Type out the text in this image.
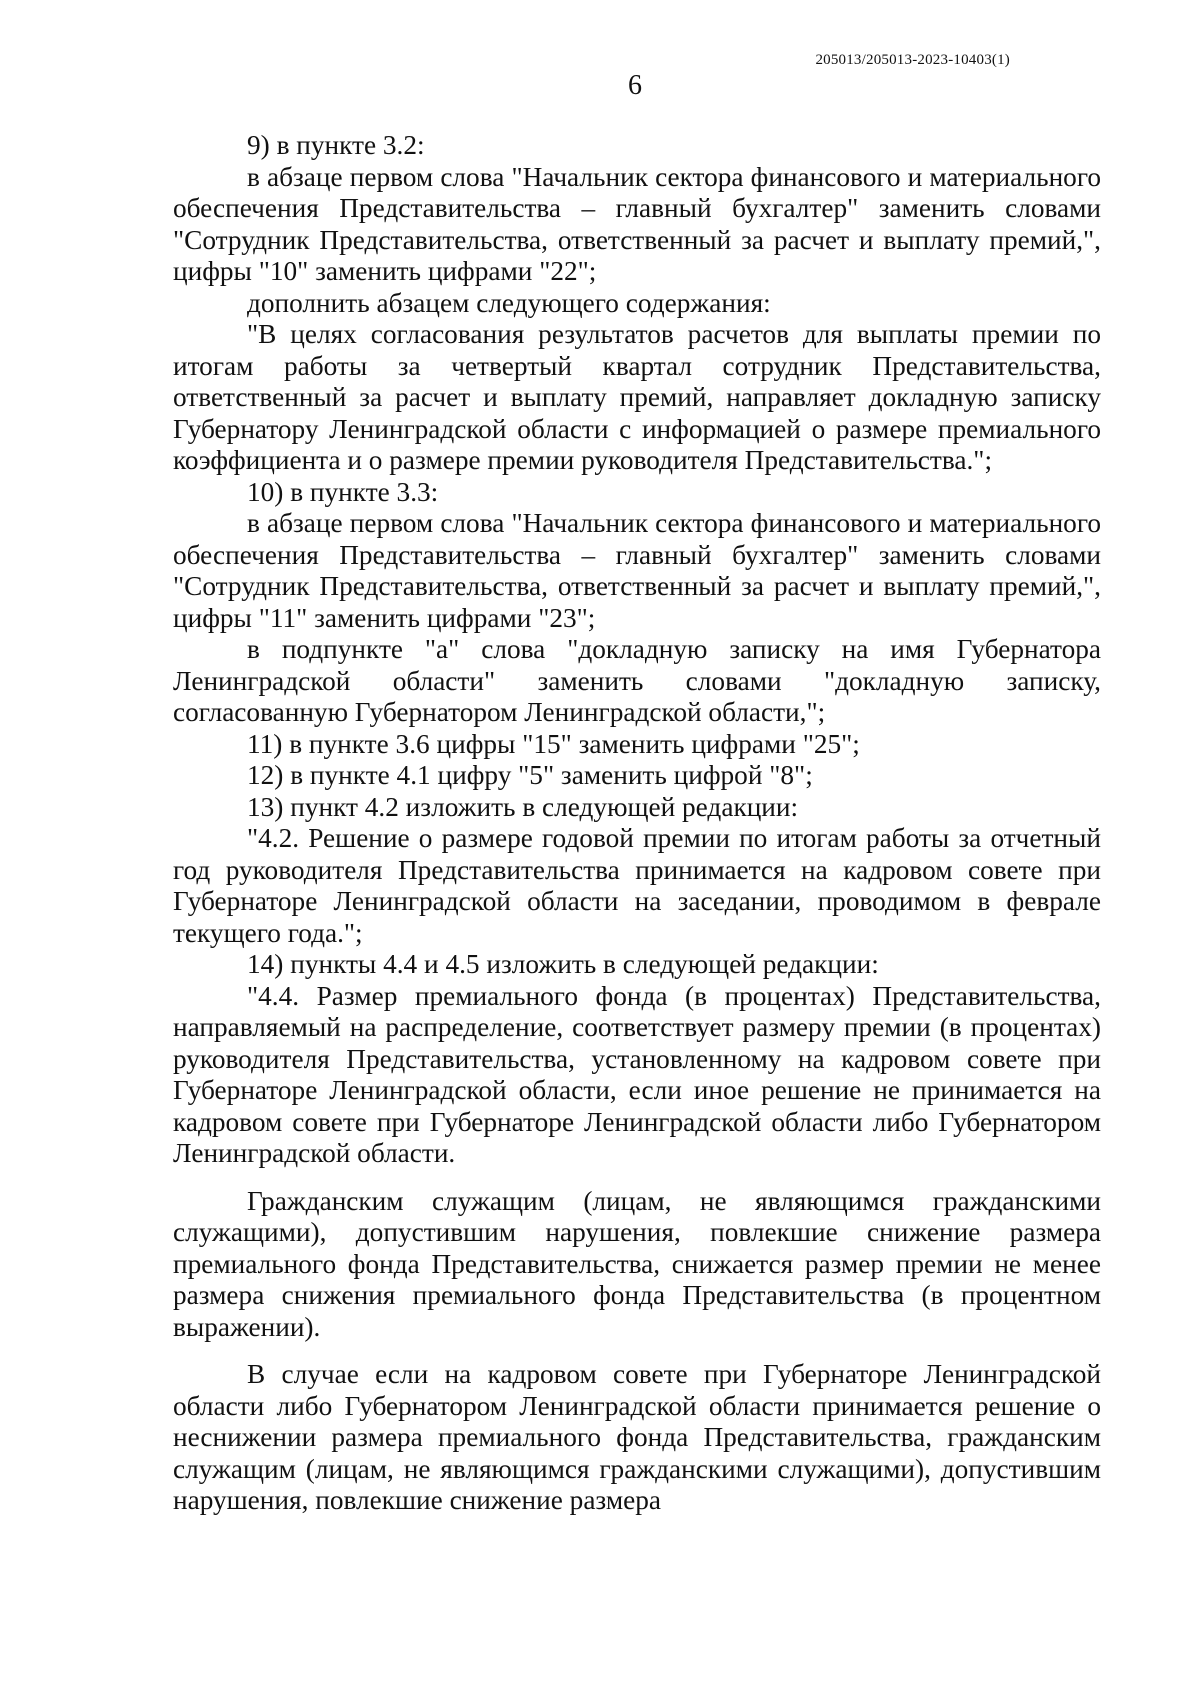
205013/205013-2023-10403(1)
6

9) в пункте 3.2:

в абзаце первом слова "Начальник сектора финансового и материального обеспечения Представительства – главный бухгалтер" заменить словами "Сотрудник Представительства, ответственный за расчет и выплату премий,", цифры "10" заменить цифрами "22";

дополнить абзацем следующего содержания:

"В целях согласования результатов расчетов для выплаты премии по итогам работы за четвертый квартал сотрудник Представительства, ответственный за расчет и выплату премий, направляет докладную записку Губернатору Ленинградской области с информацией о размере премиального коэффициента и о размере премии руководителя Представительства.";

10) в пункте 3.3:

в абзаце первом слова "Начальник сектора финансового и материального обеспечения Представительства – главный бухгалтер" заменить словами "Сотрудник Представительства, ответственный за расчет и выплату премий,", цифры "11" заменить цифрами "23";

в подпункте "а" слова "докладную записку на имя Губернатора Ленинградской области" заменить словами "докладную записку, согласованную Губернатором Ленинградской области,";

11) в пункте 3.6 цифры "15" заменить цифрами "25";

12) в пункте 4.1 цифру "5" заменить цифрой "8";

13) пункт 4.2 изложить в следующей редакции:

"4.2. Решение о размере годовой премии по итогам работы за отчетный год руководителя Представительства принимается на кадровом совете при Губернаторе Ленинградской области на заседании, проводимом в феврале текущего года.";

14) пункты 4.4 и 4.5 изложить в следующей редакции:

"4.4. Размер премиального фонда (в процентах) Представительства, направляемый на распределение, соответствует размеру премии (в процентах) руководителя Представительства, установленному на кадровом совете при Губернаторе Ленинградской области, если иное решение не принимается на кадровом совете при Губернаторе Ленинградской области либо Губернатором Ленинградской области.

Гражданским служащим (лицам, не являющимся гражданскими служащими), допустившим нарушения, повлекшие снижение размера премиального фонда Представительства, снижается размер премии не менее размера снижения премиального фонда Представительства (в процентном выражении).

В случае если на кадровом совете при Губернаторе Ленинградской области либо Губернатором Ленинградской области принимается решение о неснижении размера премиального фонда Представительства, гражданским служащим (лицам, не являющимся гражданскими служащими), допустившим нарушения, повлекшие снижение размера
